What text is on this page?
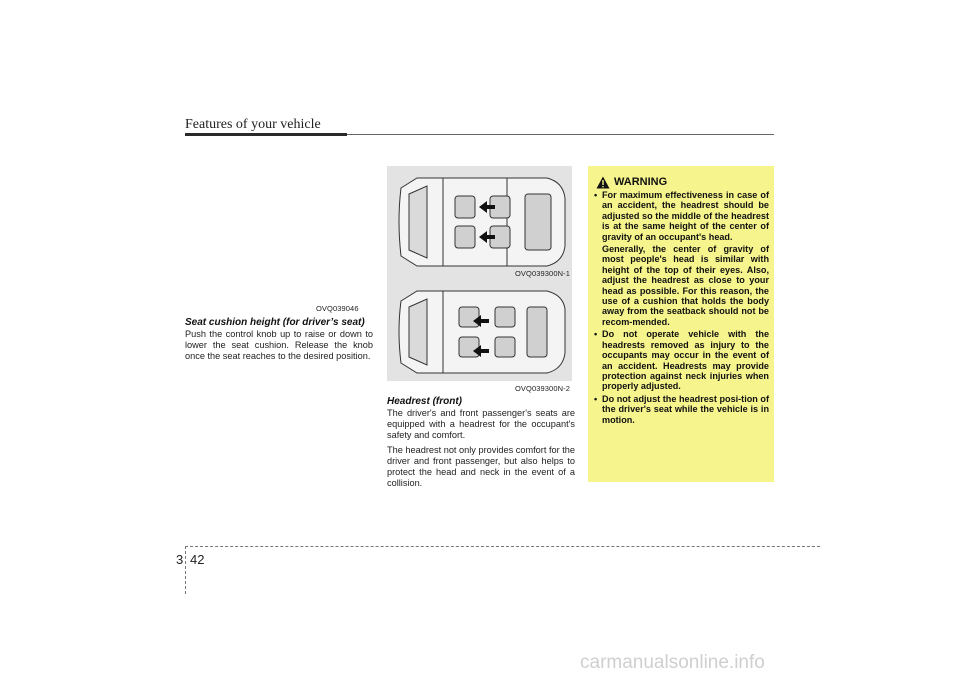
Features of your vehicle
OVQ039046
Seat cushion height (for driver’s seat)
Push the control knob up to raise or down to lower the seat cushion. Release the knob once the seat reaches to the desired position.
OVQ039300N-1
OVQ039300N-2
Headrest (front)
The driver's and front passenger's seats are equipped with a headrest for the occupant's safety and comfort.
The headrest not only provides comfort for the driver and front passenger, but also helps to protect the head and neck in the event of a collision.
WARNING
• For maximum effectiveness in case of an accident, the headrest should be adjusted so the middle of the headrest is at the same height of the center of gravity of an occupant's head.
Generally, the center of gravity of most people's head is similar with height of the top of their eyes. Also, adjust the headrest as close to your head as possible. For this reason, the use of a cushion that holds the body away from the seatback should not be recom-mended.
• Do not operate vehicle with the headrests removed as injury to the occupants may occur in the event of an accident. Headrests may provide protection against neck injuries when properly adjusted.
• Do not adjust the headrest posi-tion of the driver's seat while the vehicle is in motion.
3 42
carmanualsonline.info
